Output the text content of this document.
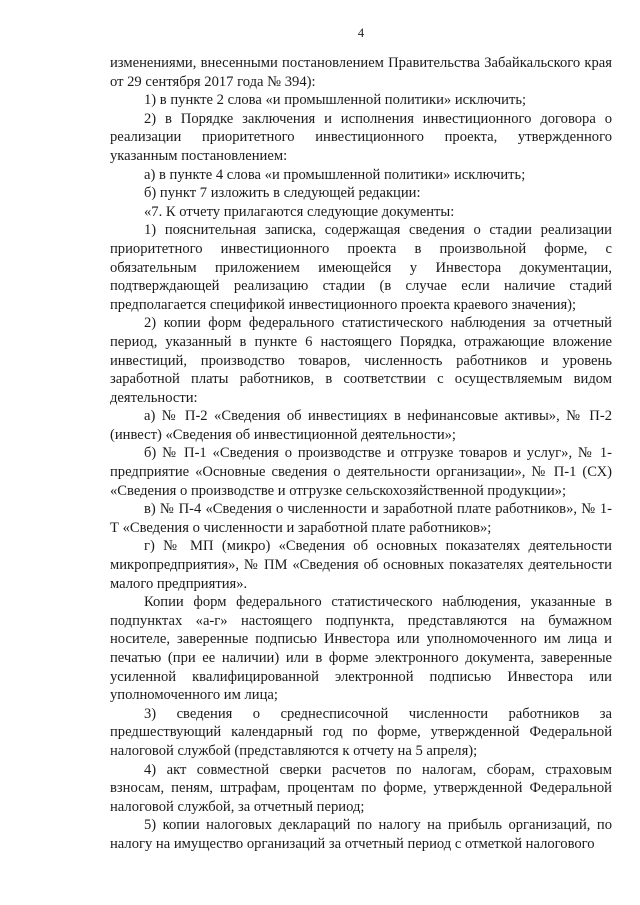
4

изменениями, внесенными постановлением Правительства Забайкальского края от 29 сентября 2017 года № 394):

1) в пункте 2 слова «и промышленной политики» исключить;

2) в Порядке заключения и исполнения инвестиционного договора о реализации приоритетного инвестиционного проекта, утвержденного указанным постановлением:

а) в пункте 4 слова «и промышленной политики» исключить;

б) пункт 7 изложить в следующей редакции:

«7. К отчету прилагаются следующие документы:

1) пояснительная записка, содержащая сведения о стадии реализации приоритетного инвестиционного проекта в произвольной форме, с обязательным приложением имеющейся у Инвестора документации, подтверждающей реализацию стадии (в случае если наличие стадий предполагается спецификой инвестиционного проекта краевого значения);

2) копии форм федерального статистического наблюдения за отчетный период, указанный в пункте 6 настоящего Порядка, отражающие вложение инвестиций, производство товаров, численность работников и уровень заработной платы работников, в соответствии с осуществляемым видом деятельности:

а) № П-2 «Сведения об инвестициях в нефинансовые активы», № П-2 (инвест) «Сведения об инвестиционной деятельности»;

б) № П-1 «Сведения о производстве и отгрузке товаров и услуг», № 1-предприятие «Основные сведения о деятельности организации», № П-1 (СХ) «Сведения о производстве и отгрузке сельскохозяйственной продукции»;

в) № П-4 «Сведения о численности и заработной плате работников», № 1-Т «Сведения о численности и заработной плате работников»;

г) № МП (микро) «Сведения об основных показателях деятельности микропредприятия», № ПМ «Сведения об основных показателях деятельности малого предприятия».

Копии форм федерального статистического наблюдения, указанные в подпунктах «а-г» настоящего подпункта, представляются на бумажном носителе, заверенные подписью Инвестора или уполномоченного им лица и печатью (при ее наличии) или в форме электронного документа, заверенные усиленной квалифицированной электронной подписью Инвестора или уполномоченного им лица;

3) сведения о среднесписочной численности работников за предшествующий календарный год по форме, утвержденной Федеральной налоговой службой (представляются к отчету на 5 апреля);

4) акт совместной сверки расчетов по налогам, сборам, страховым взносам, пеням, штрафам, процентам по форме, утвержденной Федеральной налоговой службой, за отчетный период;

5) копии налоговых деклараций по налогу на прибыль организаций, по налогу на имущество организаций за отчетный период с отметкой налогового
